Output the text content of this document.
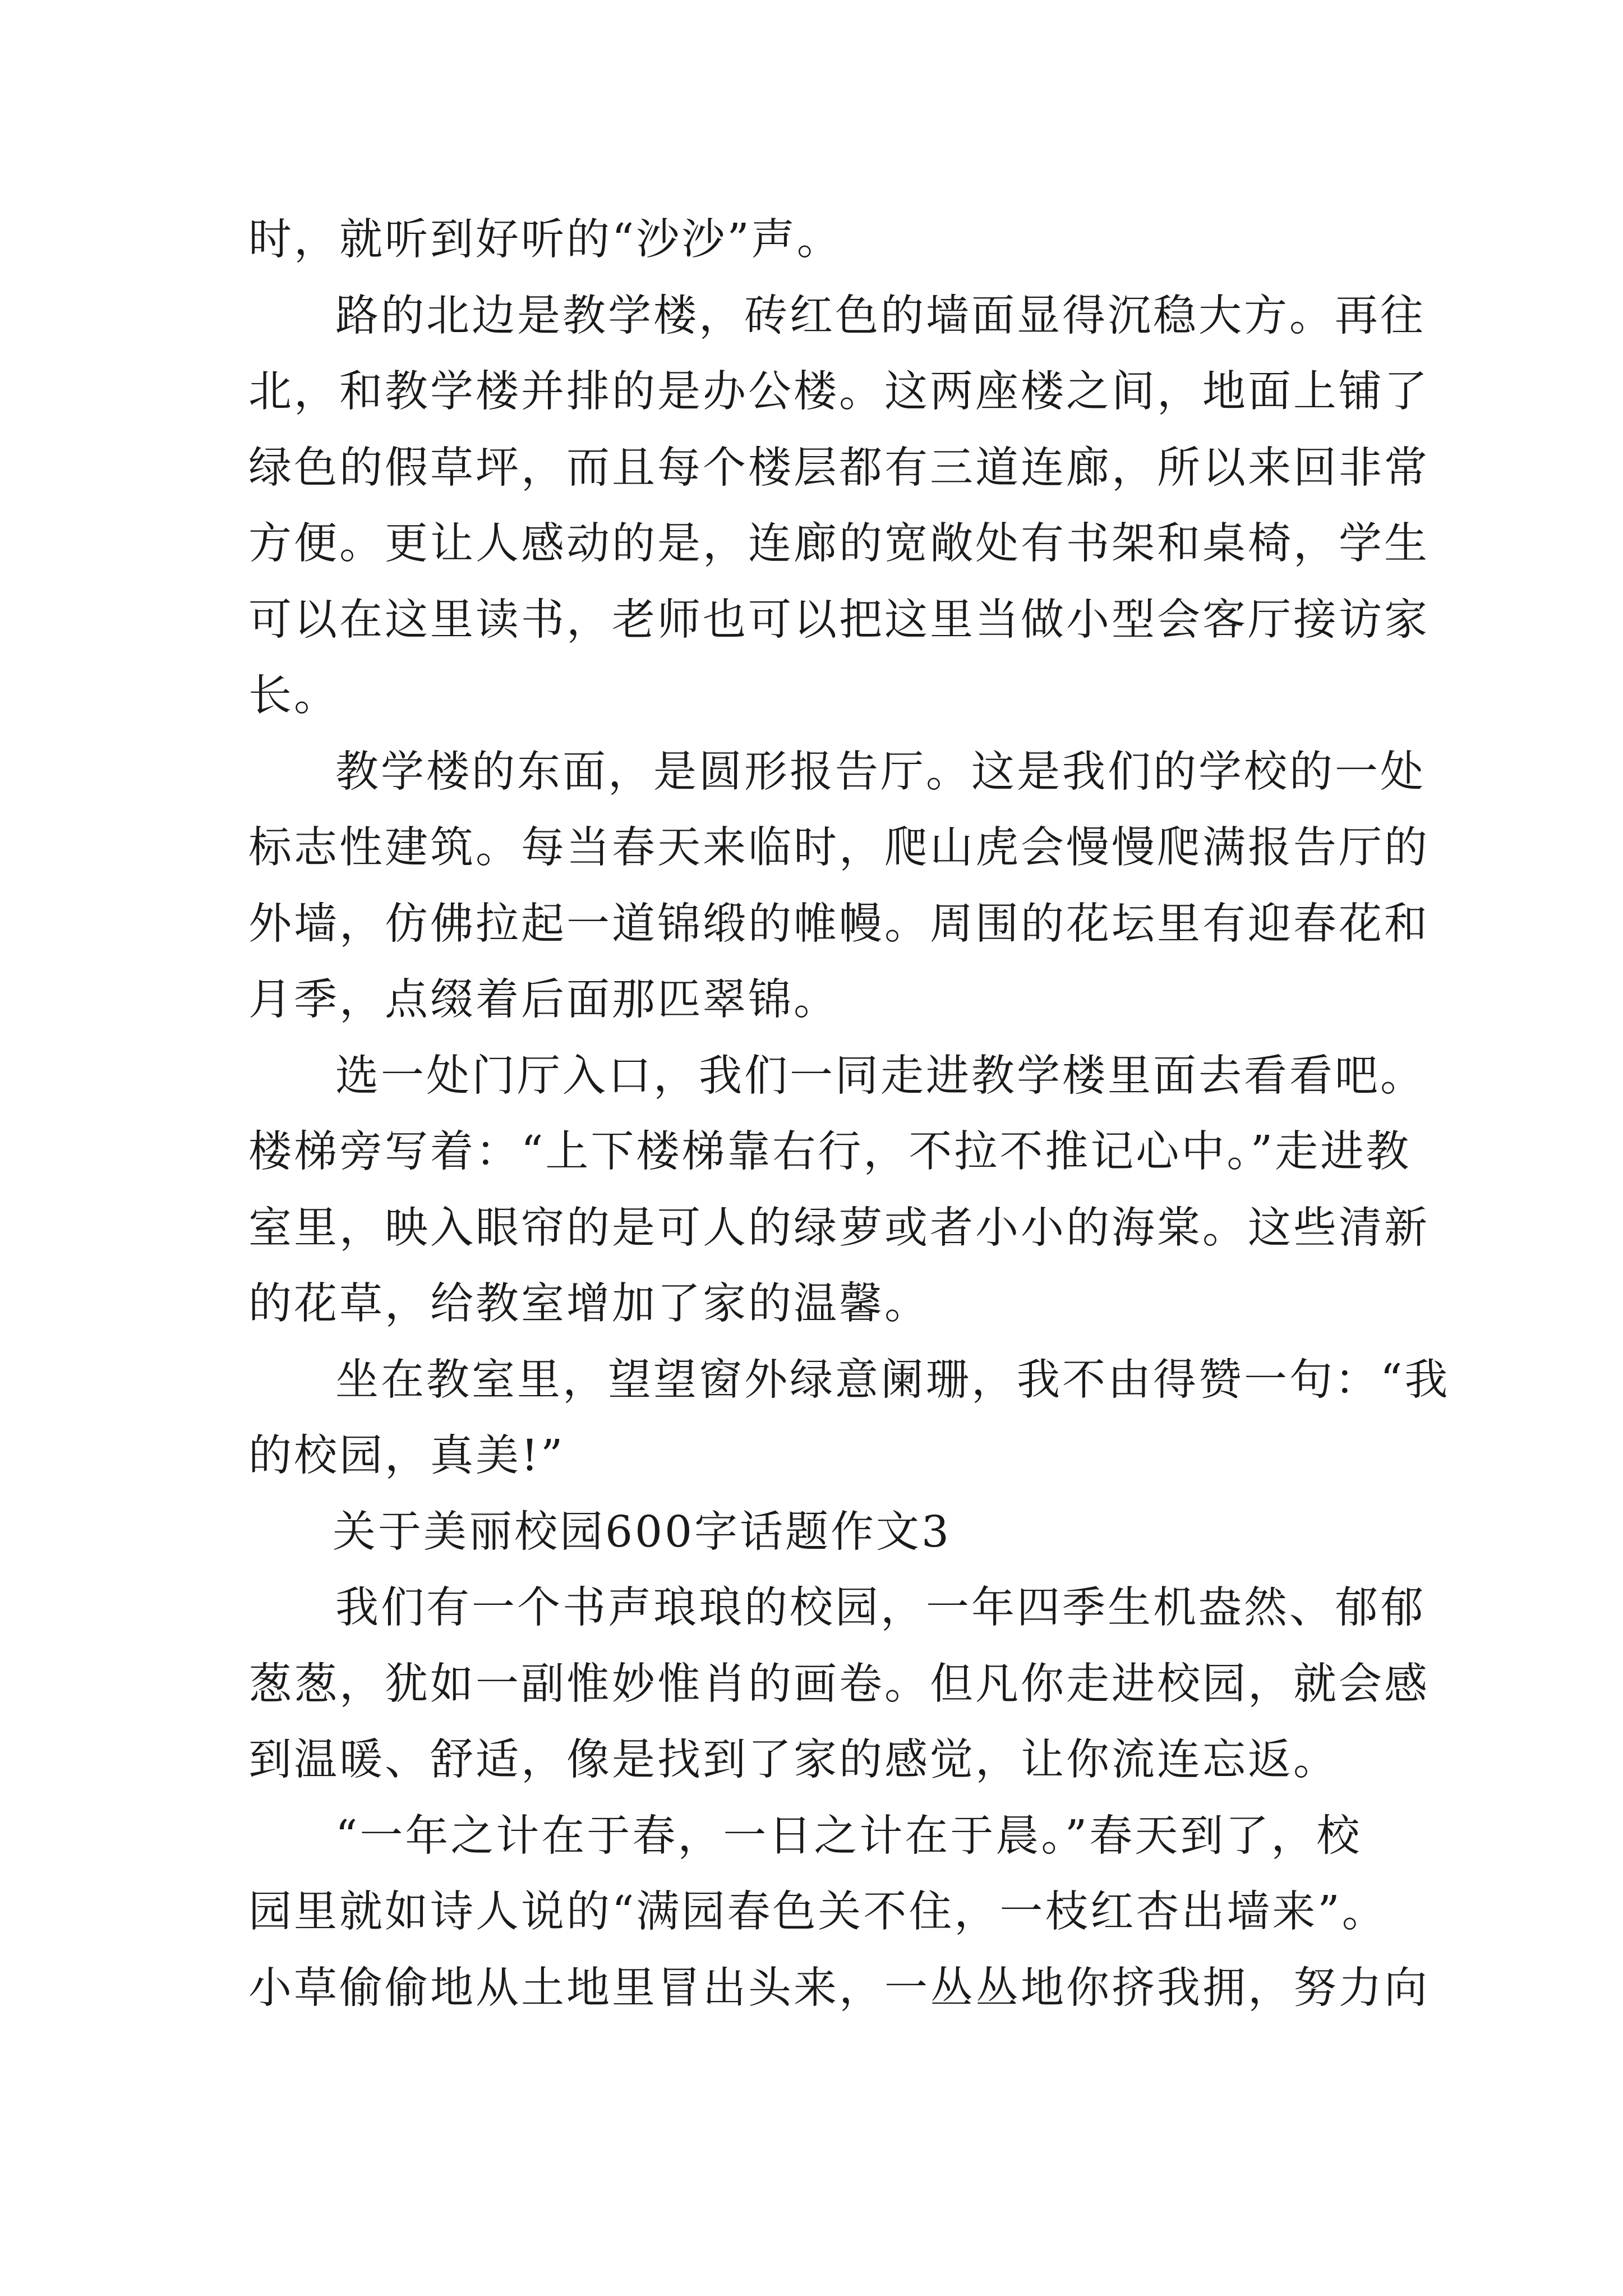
时，就听到好听的“沙沙”声。
路的北边是教学楼，砖红色的墙面显得沉稳大方。再往
北，和教学楼并排的是办公楼。这两座楼之间，地面上铺了
绿色的假草坪，而且每个楼层都有三道连廊，所以来回非常
方便。更让人感动的是，连廊的宽敞处有书架和桌椅，学生
可以在这里读书，老师也可以把这里当做小型会客厅接访家
长。
教学楼的东面，是圆形报告厅。这是我们的学校的一处
标志性建筑。每当春天来临时，爬山虎会慢慢爬满报告厅的
外墙，仿佛拉起一道锦缎的帷幔。周围的花坛里有迎春花和
月季，点缀着后面那匹翠锦。
选一处门厅入口，我们一同走进教学楼里面去看看吧。
楼梯旁写着：“上下楼梯靠右行，不拉不推记心中。”走进教
室里，映入眼帘的是可人的绿萝或者小小的海棠。这些清新
的花草，给教室增加了家的温馨。
坐在教室里，望望窗外绿意阑珊，我不由得赞一句：“我
的校园，真美!”
关于美丽校园600字话题作文3
我们有一个书声琅琅的校园，一年四季生机盎然、郁郁
葱葱，犹如一副惟妙惟肖的画卷。但凡你走进校园，就会感
到温暖、舒适，像是找到了家的感觉，让你流连忘返。
“一年之计在于春，一日之计在于晨。”春天到了，校
园里就如诗人说的“满园春色关不住，一枝红杏出墙来”。
小草偷偷地从土地里冒出头来，一丛丛地你挤我拥，努力向
